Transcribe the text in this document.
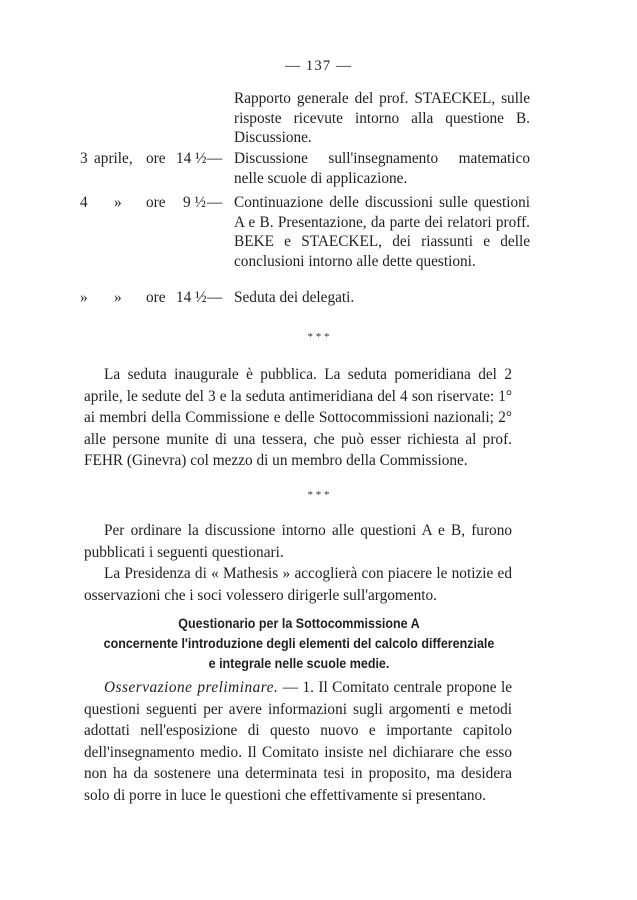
— 137 —
Rapporto generale del prof. STAECKEL, sulle risposte ricevute intorno alla questione B. Discussione.
3 aprile, ore 14 ½ — Discussione sull'insegnamento matematico nelle scuole di applicazione.
4 » ore 9 ½ — Continuazione delle discussioni sulle questioni A e B. Presentazione, da parte dei relatori proff. BEKE e STAECKEL, dei riassunti e delle conclusioni intorno alle dette questioni.
» » ore 14 ½ — Seduta dei delegati.
* * *

La seduta inaugurale è pubblica. La seduta pomeridiana del 2 aprile, le sedute del 3 e la seduta antimeridiana del 4 son riservate: 1° ai membri della Commissione e delle Sottocommissioni nazionali; 2° alle persone munite di una tessera, che può esser richiesta al prof. FEHR (Ginevra) col mezzo di un membro della Commissione.

* * *

Per ordinare la discussione intorno alle questioni A e B, furono pubblicati i seguenti questionari.

La Presidenza di « Mathesis » accoglierà con piacere le notizie ed osservazioni che i soci volessero dirigerle sull'argomento.

Questionario per la Sottocommissione A
concernente l'introduzione degli elementi del calcolo differenziale
e integrale nelle scuole medie.

Osservazione preliminare. — 1. Il Comitato centrale propone le questioni seguenti per avere informazioni sugli argomenti e metodi adottati nell'esposizione di questo nuovo e importante capitolo dell'insegnamento medio. Il Comitato insiste nel dichiarare che esso non ha da sostenere una determinata tesi in proposito, ma desidera solo di porre in luce le questioni che effettivamente si presentano.
